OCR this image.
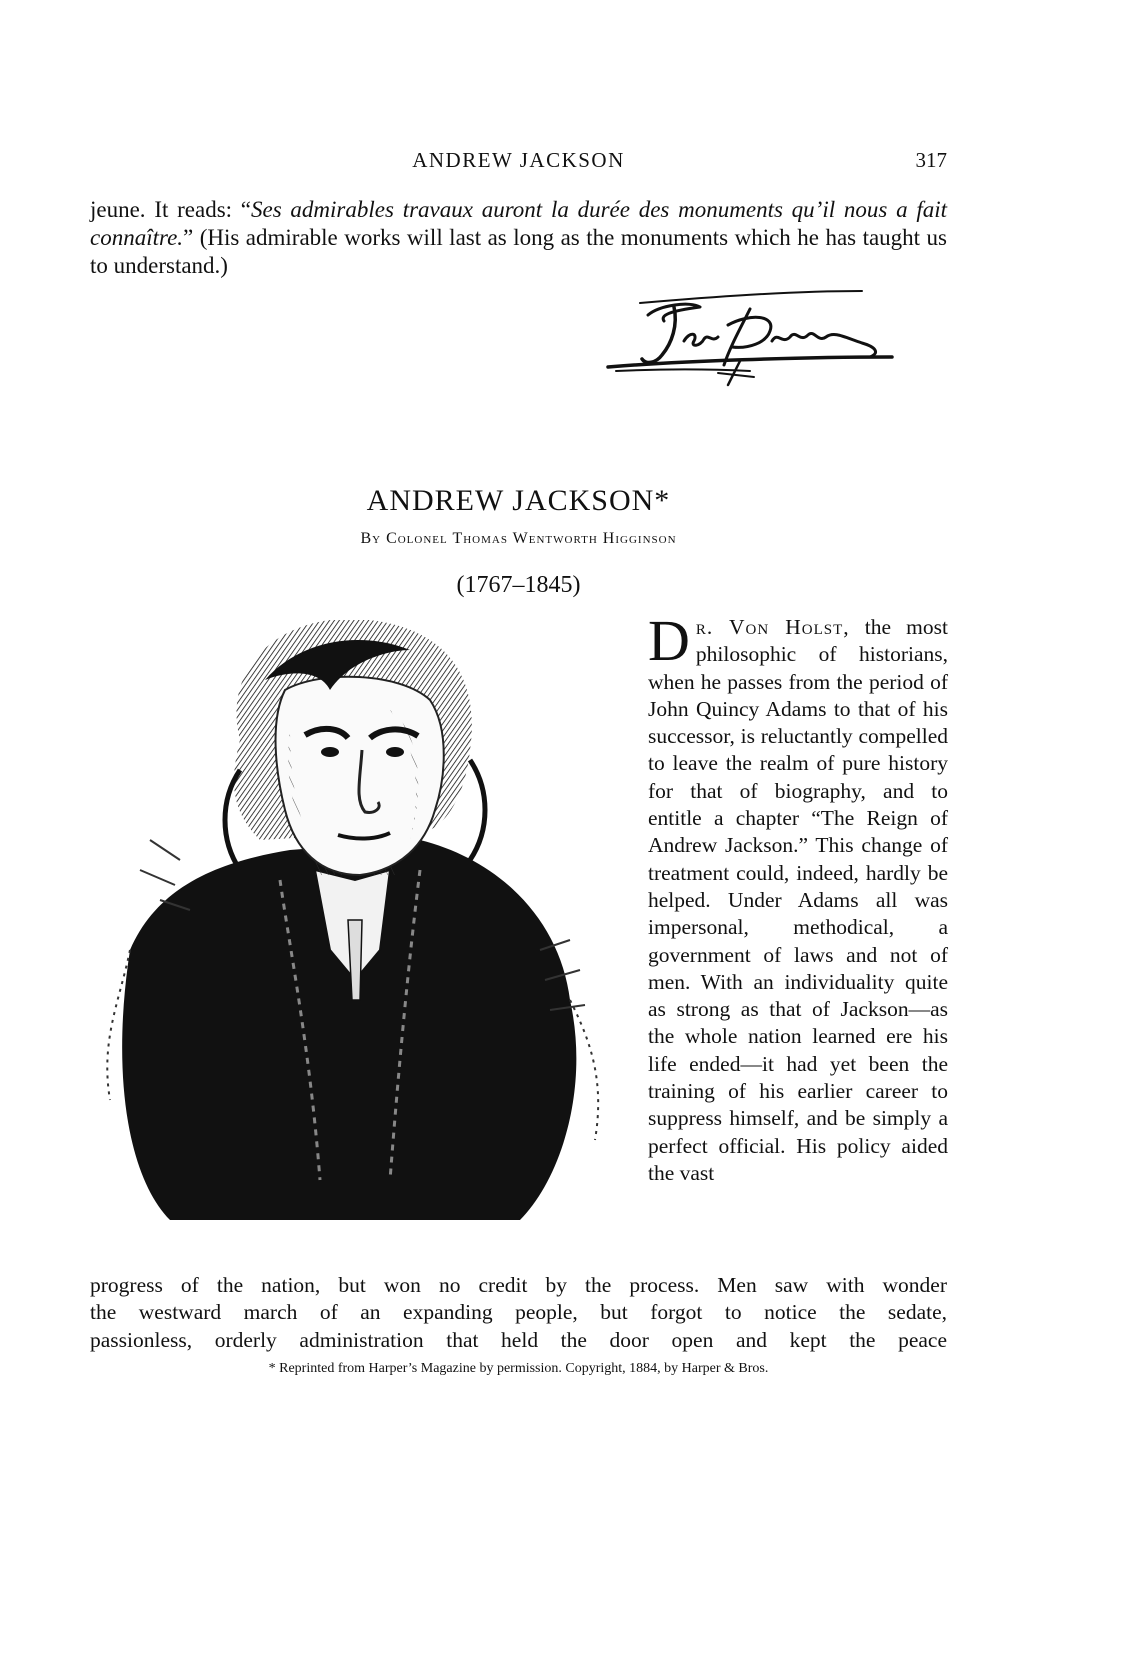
ANDREW JACKSON	317
jeune. It reads: “Ses admirables travaux auront la durée des monuments qu’il nous a fait connaître.” (His admirable works will last as long as the monuments which he has taught us to understand.)
ANDREW JACKSON*
By Colonel Thomas Wentworth Higginson
(1767–1845)
Dr. Von Holst, the most philosophic of historians, when he passes from the period of John Quincy Adams to that of his successor, is reluctantly compelled to leave the realm of pure history for that of biography, and to entitle a chapter “The Reign of Andrew Jackson.” This change of treatment could, indeed, hardly be helped. Under Adams all was impersonal, methodical, a government of laws and not of men. With an individuality quite as strong as that of Jackson—as the whole nation learned ere his life ended—it had yet been the training of his earlier career to suppress himself, and be simply a perfect official. His policy aided the vast
progress of the nation, but won no credit by the process. Men saw with wonder
the westward march of an expanding people, but forgot to notice the sedate,
passionless, orderly administration that held the door open and kept the peace
* Reprinted from Harper’s Magazine by permission. Copyright, 1884, by Harper & Bros.
